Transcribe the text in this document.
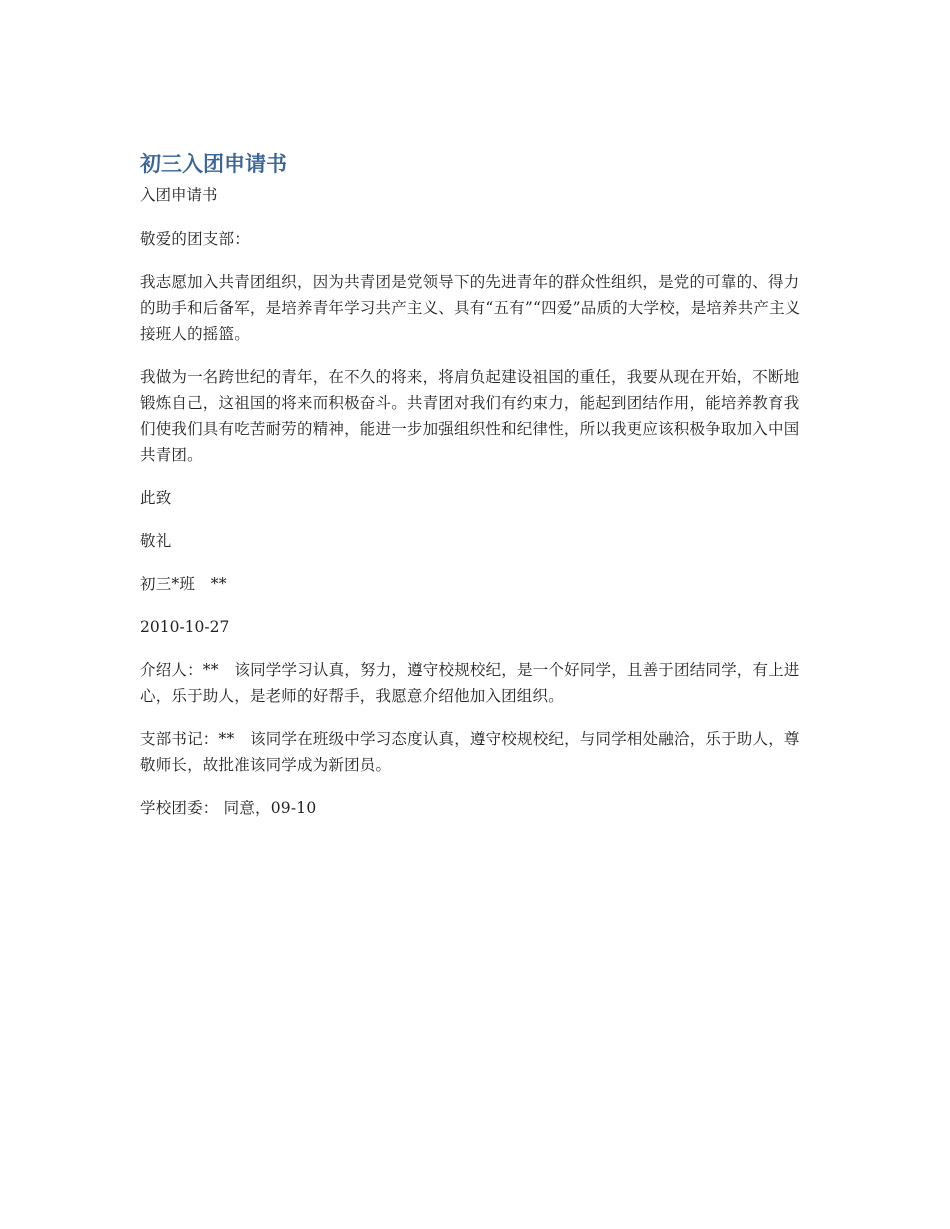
初三入团申请书
入团申请书

敬爱的团支部：

我志愿加入共青团组织，因为共青团是党领导下的先进青年的群众性组织，是党的可靠的、得力的助手和后备军，是培养青年学习共产主义、具有“五有”“四爱”品质的大学校，是培养共产主义接班人的摇篮。

我做为一名跨世纪的青年，在不久的将来，将肩负起建设祖国的重任，我要从现在开始，不断地锻炼自己，这祖国的将来而积极奋斗。共青团对我们有约束力，能起到团结作用，能培养教育我们使我们具有吃苦耐劳的精神，能进一步加强组织性和纪律性，所以我更应该积极争取加入中国共青团。

此致

敬礼

初三*班　**

2010-10-27

介绍人：**　该同学学习认真，努力，遵守校规校纪，是一个好同学，且善于团结同学，有上进心，乐于助人，是老师的好帮手，我愿意介绍他加入团组织。

支部书记：**　该同学在班级中学习态度认真，遵守校规校纪，与同学相处融洽，乐于助人，尊敬师长，故批准该同学成为新团员。

学校团委： 同意，09-10
